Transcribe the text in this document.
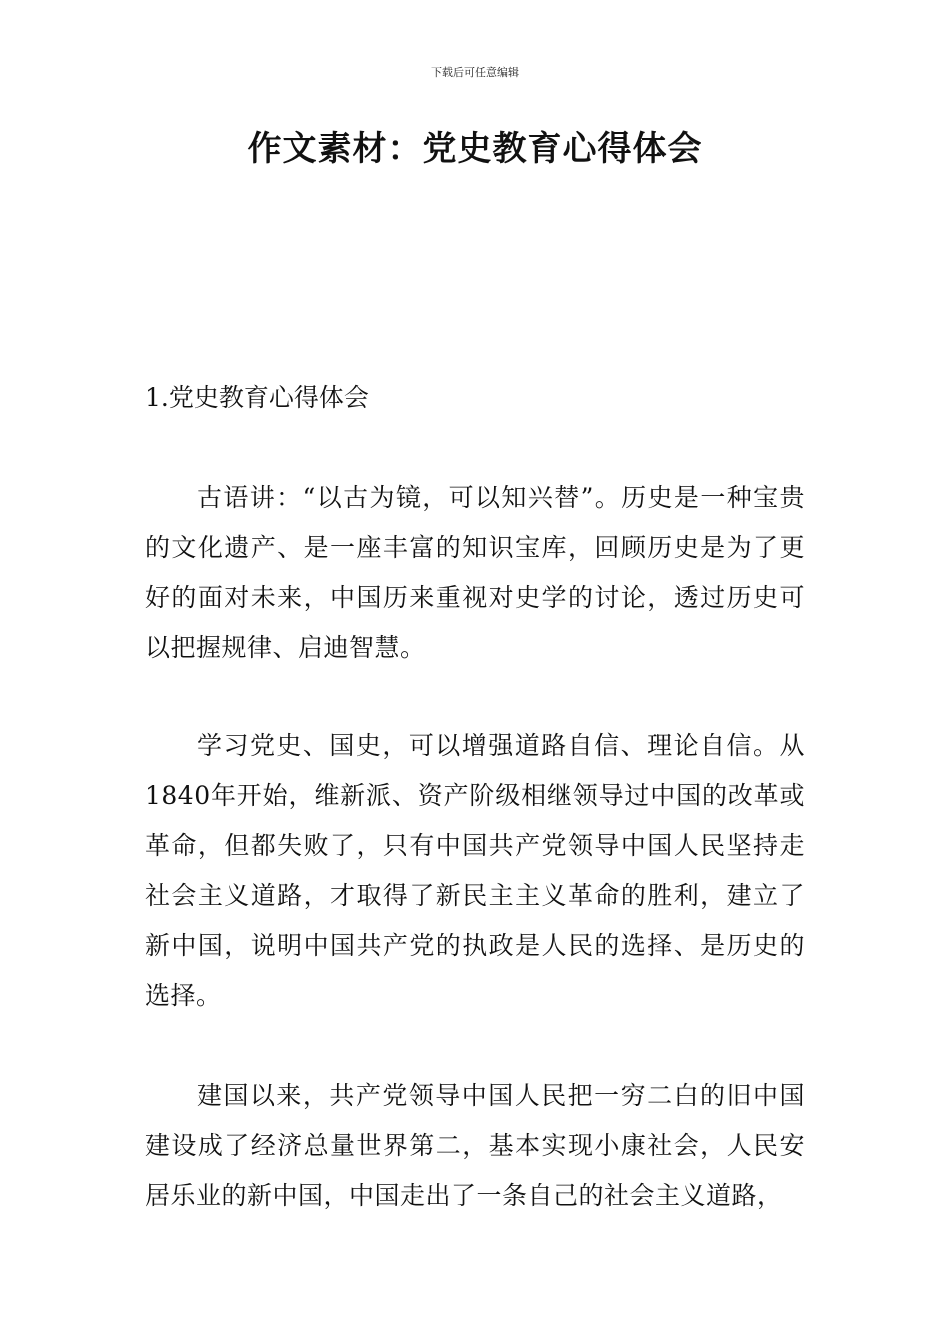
下载后可任意编辑
作文素材：党史教育心得体会
1.党史教育心得体会

古语讲：“以古为镜，可以知兴替”。历史是一种宝贵的文化遗产、是一座丰富的知识宝库，回顾历史是为了更好的面对未来，中国历来重视对史学的讨论，透过历史可以把握规律、启迪智慧。

学习党史、国史，可以增强道路自信、理论自信。从1840年开始，维新派、资产阶级相继领导过中国的改革或革命，但都失败了，只有中国共产党领导中国人民坚持走社会主义道路，才取得了新民主主义革命的胜利，建立了新中国，说明中国共产党的执政是人民的选择、是历史的选择。

建国以来，共产党领导中国人民把一穷二白的旧中国建设成了经济总量世界第二，基本实现小康社会，人民安居乐业的新中国，中国走出了一条自己的社会主义道路，
